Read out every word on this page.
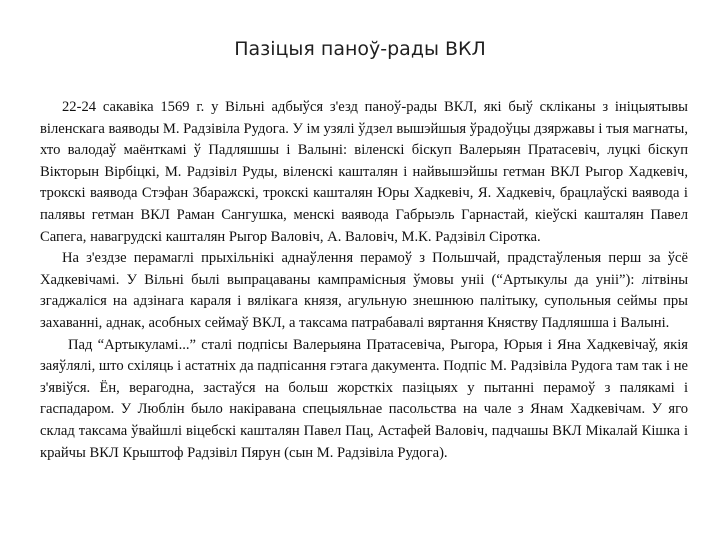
Пазіцыя паноў-рады ВКЛ

22-24 сакавіка 1569 г. у Вільні адбыўся з'езд паноў-рады ВКЛ, які быў скліканы з ініцыятывы віленскага ваяводы М. Радзівіла Рудога. У ім узялі ўдзел вышэйшыя ўрадоўцы дзяржавы і тыя магнаты, хто валодаў маёнткамі ў Падляшшы і Валыні: віленскі біскуп Валерыян Пратасевіч, луцкі біскуп Вікторын Вірбіцкі, М. Радзівіл Руды, віленскі кашталян і найвышэйшы гетман ВКЛ Рыгор Хадкевіч, трокскі ваявода Стэфан Збаражскі, трокскі кашталян Юры Хадкевіч, Я. Хадкевіч, брацлаўскі ваявода і палявы гетман ВКЛ Раман Сангушка, менскі ваявода Габрыэль Гарнастай, кіеўскі кашталян Павел Сапега, навагрудскі кашталян Рыгор Валовіч, А. Валовіч, М.К. Радзівіл Сіротка.

На з'ездзе перамаглі прыхільнікі аднаўлення перамоў з Польшчай, прадстаўленыя перш за ўсё Хадкевічамі. У Вільні былі выпрацаваны кампрамісныя ўмовы уніі (“Артыкулы да уніі”): літвіны згаджаліся на адзінага караля і вялікага князя, агульную знешнюю палітыку, супольныя сеймы пры захаванні, аднак, асобных сеймаў ВКЛ, а таксама патрабавалі вяртання Княству Падляшша і Валыні.

Пад “Артыкуламі...” сталі подпісы Валерыяна Пратасевіча, Рыгора, Юрыя і Яна Хадкевічаў, якія заяўлялі, што схіляць і астатніх да падпісання гэтага дакумента. Подпіс М. Радзівіла Рудога там так і не з'явіўся. Ён, верагодна, застаўся на больш жорсткіх пазіцыях у пытанні перамоў з палякамі і гаспадаром. У Люблін было накіравана спецыяльнае пасольства на чале з Янам Хадкевічам. У яго склад таксама ўвайшлі віцебскі кашталян Павел Пац, Астафей Валовіч, падчашы ВКЛ Мікалай Кішка і крайчы ВКЛ Крыштоф Радзівіл Пярун (сын М. Радзівіла Рудога).
